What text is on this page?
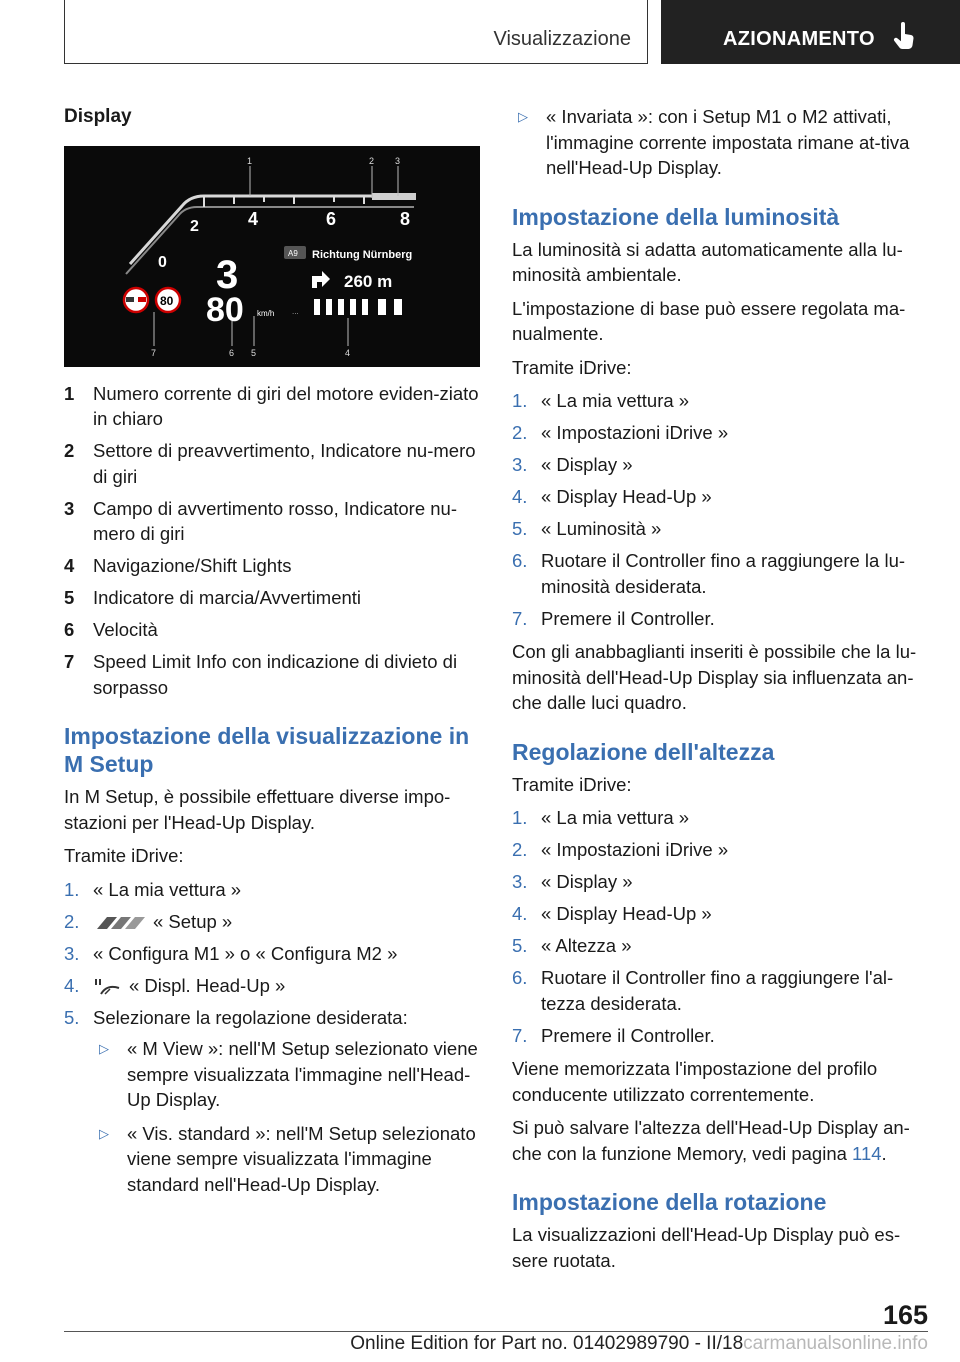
Visualizzazione	AZIONAMENTO

Display

1	2 3
0
2	4	6	8
3
80 km/h
80
A9 Richtung Nürnberg
260 m
...
7	6 5	4
1 Numero corrente di giri del motore eviden-ziato in chiaro
2 Settore di preavvertimento, Indicatore nu-mero di giri
3 Campo di avvertimento rosso, Indicatore nu-mero di giri
4 Navigazione/Shift Lights
5 Indicatore di marcia/Avvertimenti
6 Velocità
7 Speed Limit Info con indicazione di divieto di sorpasso
Impostazione della visualizzazione in M Setup

In M Setup, è possibile effettuare diverse impo-stazioni per l'Head-Up Display.

Tramite iDrive:

1. « La mia vettura »
2.	« Setup »
3. « Configura M1 » o « Configura M2 »
4.	« Displ. Head-Up »
5. Selezionare la regolazione desiderata:
▷ « M View »: nell'M Setup selezionato viene sempre visualizzata l'immagine nell'Head-Up Display.
▷ « Vis. standard »: nell'M Setup selezionato viene sempre visualizzata l'immagine standard nell'Head-Up Display.
▷ « Invariata »: con i Setup M1 o M2 attivati, l'immagine corrente impostata rimane at-tiva nell'Head-Up Display.
Impostazione della luminosità

La luminosità si adatta automaticamente alla lu-minosità ambientale.

L'impostazione di base può essere regolata ma-nualmente.

Tramite iDrive:

1. « La mia vettura »
2. « Impostazioni iDrive »
3. « Display »
4. « Display Head-Up »
5. « Luminosità »
6. Ruotare il Controller fino a raggiungere la lu-minosità desiderata.
7. Premere il Controller.

Con gli anabbaglianti inseriti è possibile che la lu-minosità dell'Head-Up Display sia influenzata an-che dalle luci quadro.

Regolazione dell'altezza

Tramite iDrive:

1. « La mia vettura »
2. « Impostazioni iDrive »
3. « Display »
4. « Display Head-Up »
5. « Altezza »
6. Ruotare il Controller fino a raggiungere l'al-tezza desiderata.
7. Premere il Controller.

Viene memorizzata l'impostazione del profilo conducente utilizzato correntemente.

Si può salvare l'altezza dell'Head-Up Display an-che con la funzione Memory, vedi pagina 114.

Impostazione della rotazione

La visualizzazioni dell'Head-Up Display può es-sere ruotata.

165
Online Edition for Part no. 01402989790 - II/18carmanualsonline.info
